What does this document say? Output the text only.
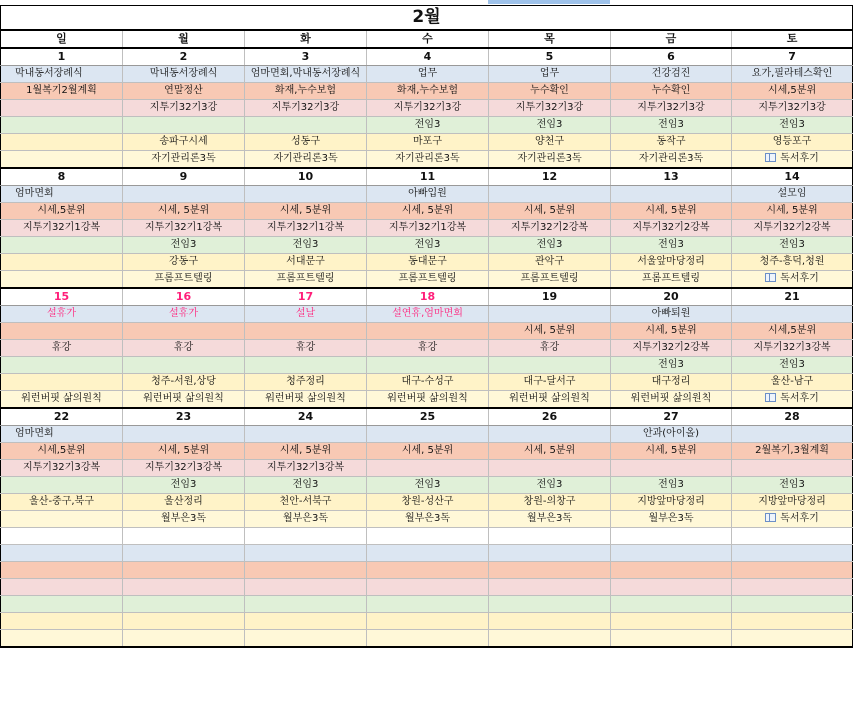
2월						
일	월	화	수	목	금	토
1	2	3	4	5	6	7
막내동서장례식	막내동서장례식	엄마면회,막내동서장례식	업무	업무	건강검진	요가,필라테스확인
1월복기2월계획	연말정산	화재,누수보험	화재,누수보험	누수확인	누수확인	시세,5분위
	지투기32기3강	지투기32기3강	지투기32기3강	지투기32기3강	지투기32기3강	지투기32기3강
			전임3	전임3	전임3	전임3
	송파구시세	성동구	마포구	양천구	동작구	영등포구
	자기관리론3독	자기관리론3독	자기관리론3독	자기관리론3독	자기관리론3독	독서후기
8	9	10	11	12	13	14
엄마면회			아빠입원			설모임
시세,5분위	시세, 5분위	시세, 5분위	시세, 5분위	시세, 5분위	시세, 5분위	시세, 5분위
지투기32기1강복	지투기32기1강복	지투기32기1강복	지투기32기1강복	지투기32기2강복	지투기32기2강복	지투기32기2강복
	전임3	전임3	전임3	전임3	전임3	전임3
	강동구	서대문구	동대문구	관악구	서울앞마당정리	청주-흥덕,청원
	프롬프트텔링	프롬프트텔링	프롬프트텔링	프롬프트텔링	프롬프트텔링	독서후기
15	16	17	18	19	20	21
설휴가	설휴가	설날	설연휴,엄마면회		아빠퇴원	
				시세, 5분위	시세, 5분위	시세,5분위
휴강	휴강	휴강	휴강	휴강	지투기32기2강복	지투기32기3강복
					전임3	전임3
	청주-서원,상당	청주정리	대구-수성구	대구-달서구	대구정리	울산-남구
워런버핏 삶의원칙	워런버핏 삶의원칙	워런버핏 삶의원칙	워런버핏 삶의원칙	워런버핏 삶의원칙	워런버핏 삶의원칙	독서후기
22	23	24	25	26	27	28
엄마면회					안과(아이올)	
시세,5분위	시세, 5분위	시세, 5분위	시세, 5분위	시세, 5분위	시세, 5분위	2월복기,3월계획
지투기32기3강복	지투기32기3강복	지투기32기3강복				
	전임3	전임3	전임3	전임3	전임3	전임3
울산-중구,북구	울산정리	천안-서북구	창원-성산구	창원-의창구	지방앞마당정리	지방앞마당정리
	월부은3독	월부은3독	월부은3독	월부은3독	월부은3독	독서후기
